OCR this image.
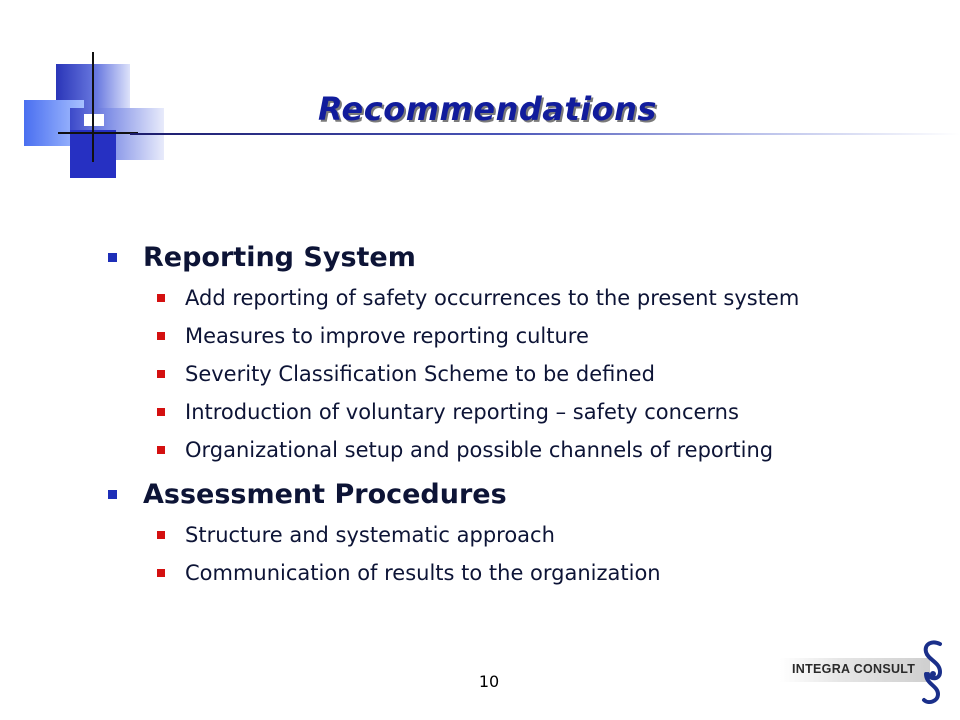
Recommendations
Reporting System
Add reporting of safety occurrences to the present system
Measures to improve reporting culture
Severity Classification Scheme to be defined
Introduction of voluntary reporting – safety concerns
Organizational setup and possible channels of reporting
Assessment Procedures
Structure and systematic approach
Communication of results to the organization
10
INTEGRA CONSULT
